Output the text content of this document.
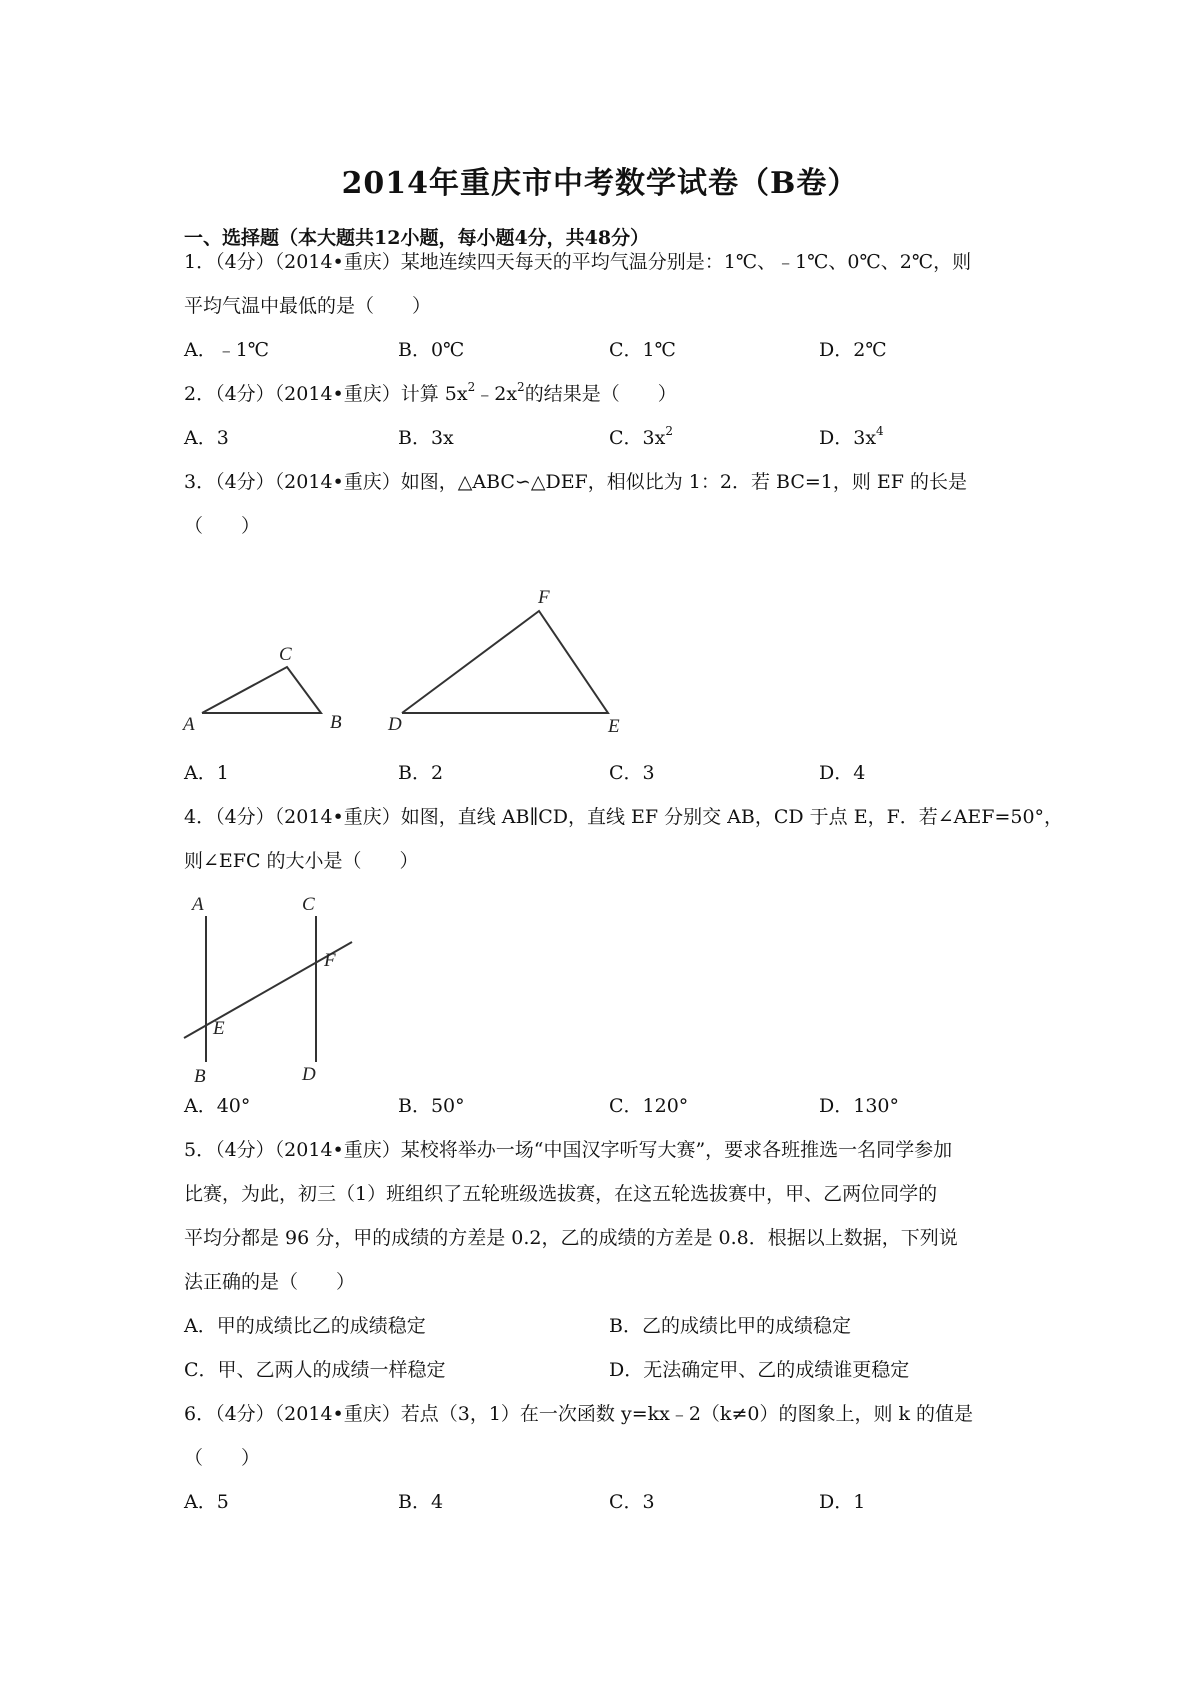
2014年重庆市中考数学试卷（B卷）
一、选择题（本大题共12小题，每小题4分，共48分）
1．（4分）（2014•重庆）某地连续四天每天的平均气温分别是：1℃、﹣1℃、0℃、2℃，则
平均气温中最低的是（　　）
A．﹣1℃	B．0℃	C．1℃	D．2℃
2．（4分）（2014•重庆）计算 $5x^2﹣2x^2$的结果是（　　）
A．3	B．3x	C．$3x^2$	D．$3x^4$
3．（4分）（2014•重庆）如图，△ABC∽△DEF，相似比为 1：2．若 BC=1，则 EF 的长是
（　　）
A	B
C
D	E
F
A．1	B．2	C．3	D．4
4．（4分）（2014•重庆）如图，直线 AB∥CD，直线 EF 分别交 AB，CD 于点 E，F．若∠AEF=50°，
则∠EFC 的大小是（　　）
A
B
C
D
E
F
A．40°	B．50°	C．120°	D．130°
5．（4分）（2014•重庆）某校将举办一场“中国汉字听写大赛”，要求各班推选一名同学参加
比赛，为此，初三（1）班组织了五轮班级选拔赛，在这五轮选拔赛中，甲、乙两位同学的
平均分都是 96 分，甲的成绩的方差是 0.2，乙的成绩的方差是 0.8．根据以上数据，下列说
法正确的是（　　）
A．甲的成绩比乙的成绩稳定	B．乙的成绩比甲的成绩稳定
C．甲、乙两人的成绩一样稳定	D．无法确定甲、乙的成绩谁更稳定
6．（4分）（2014•重庆）若点（3，1）在一次函数 y=kx﹣2（k≠0）的图象上，则 k 的值是
（　　）
A．5	B．4	C．3	D．1
